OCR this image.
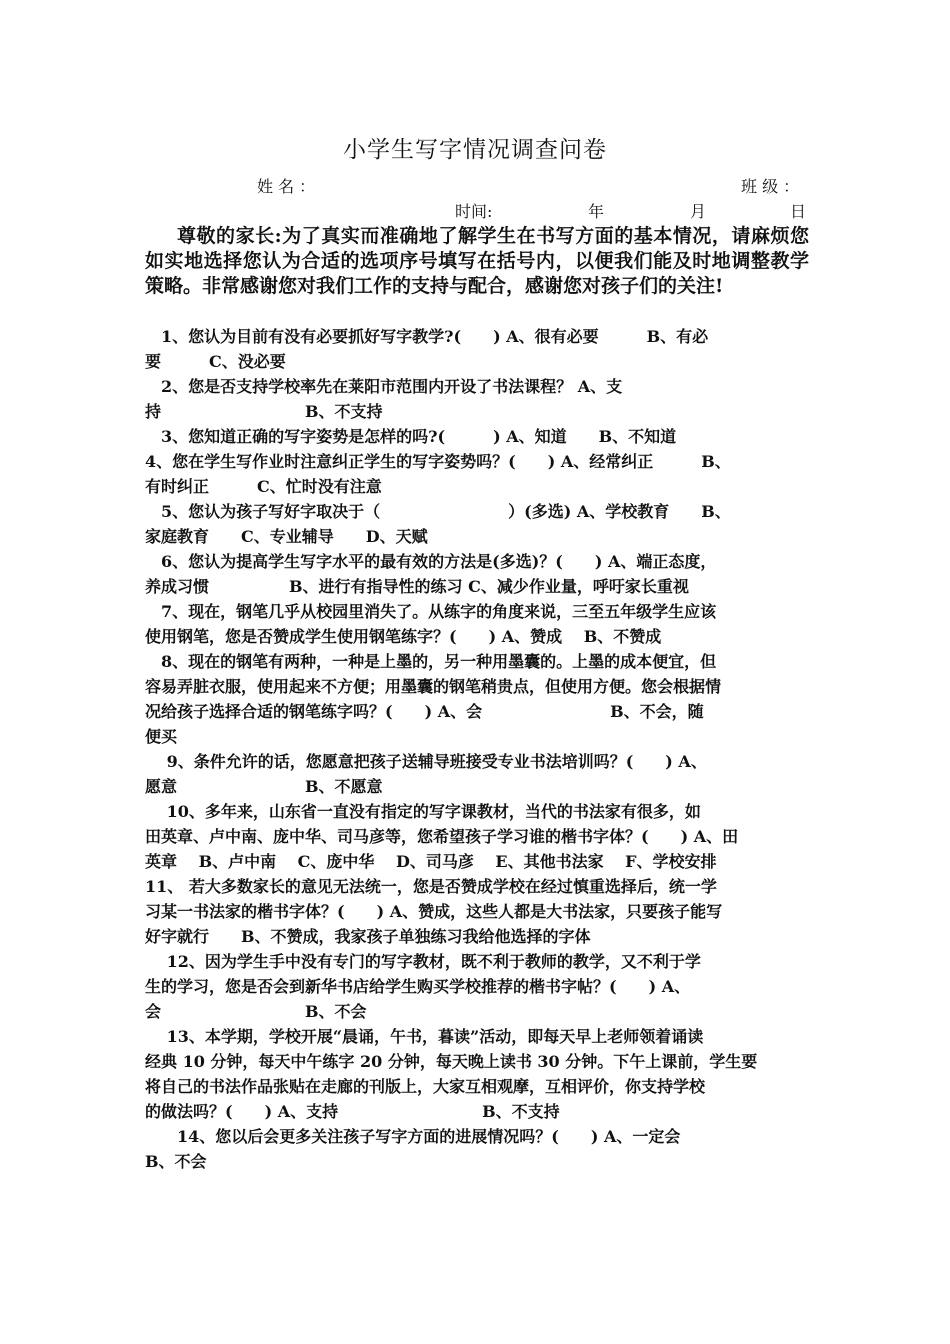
小学生写字情况调查问卷
姓 名 ：	班 级 ：
时间:	年	月	日
尊敬的家长:为了真实而准确地了解学生在书写方面的基本情况，请麻烦您如实地选择您认为合适的选项序号填写在括号内，以便我们能及时地调整教学策略。非常感谢您对我们工作的支持与配合，感谢您对孩子们的关注!
　1、您认为目前有没有必要抓好写字教学?(　　) A、很有必要　　　B、有必
要　　　C、没必要
　2、您是否支持学校率先在莱阳市范围内开设了书法课程？ A、支
持　　　　　　　　　B、不支持
　3、您知道正确的写字姿势是怎样的吗?(　　　) A、知道　　B、不知道
4、您在学生写作业时注意纠正学生的写字姿势吗？(　　) A、经常纠正　　　B、
有时纠正　　　C、忙时没有注意
　5、您认为孩子写好字取决于（　　　　　　　　）(多选) A、学校教育　　B、
家庭教育　　C、专业辅导　　D、天赋
　6、您认为提高学生写字水平的最有效的方法是(多选)？(　　) A、端正态度，
养成习惯　　　　　B、进行有指导性的练习 C、减少作业量，呼吁家长重视
　7、现在，钢笔几乎从校园里消失了。从练字的角度来说，三至五年级学生应该
使用钢笔，您是否赞成学生使用钢笔练字？(　　) A、赞成　 B、不赞成
　8、现在的钢笔有两种，一种是上墨的，另一种用墨囊的。上墨的成本便宜，但
容易弄脏衣服，使用起来不方便；用墨囊的钢笔稍贵点，但使用方便。您会根据情
况给孩子选择合适的钢笔练字吗？(　　) A、会　　　　　　　　B、不会，随
便买
　 9、条件允许的话，您愿意把孩子送辅导班接受专业书法培训吗？(　　) A、
愿意　　　　　　　　B、不愿意
　 10、多年来，山东省一直没有指定的写字课教材，当代的书法家有很多，如
田英章、卢中南、庞中华、司马彦等，您希望孩子学习谁的楷书字体？(　　) A、田
英章　 B、卢中南　 C、庞中华　 D、司马彦　 E、其他书法家　 F、学校安排
11、 若大多数家长的意见无法统一，您是否赞成学校在经过慎重选择后，统一学
习某一书法家的楷书字体？(　　) A、赞成，这些人都是大书法家，只要孩子能写
好字就行　　B、不赞成，我家孩子单独练习我给他选择的字体
　 12、因为学生手中没有专门的写字教材，既不利于教师的教学，又不利于学
生的学习，您是否会到新华书店给学生购买学校推荐的楷书字帖？(　　) A、
会　　　　　　　　　B、不会
　 13、本学期，学校开展“晨诵，午书，暮读”活动，即每天早上老师领着诵读
经典 10 分钟，每天中午练字 20 分钟，每天晚上读书 30 分钟。下午上课前，学生要
将自己的书法作品张贴在走廊的刊版上，大家互相观摩，互相评价，你支持学校
的做法吗？(　　) A、支持　　　　　　　　　B、不支持
　　14、您以后会更多关注孩子写字方面的进展情况吗？(　　) A、一定会
B、不会
